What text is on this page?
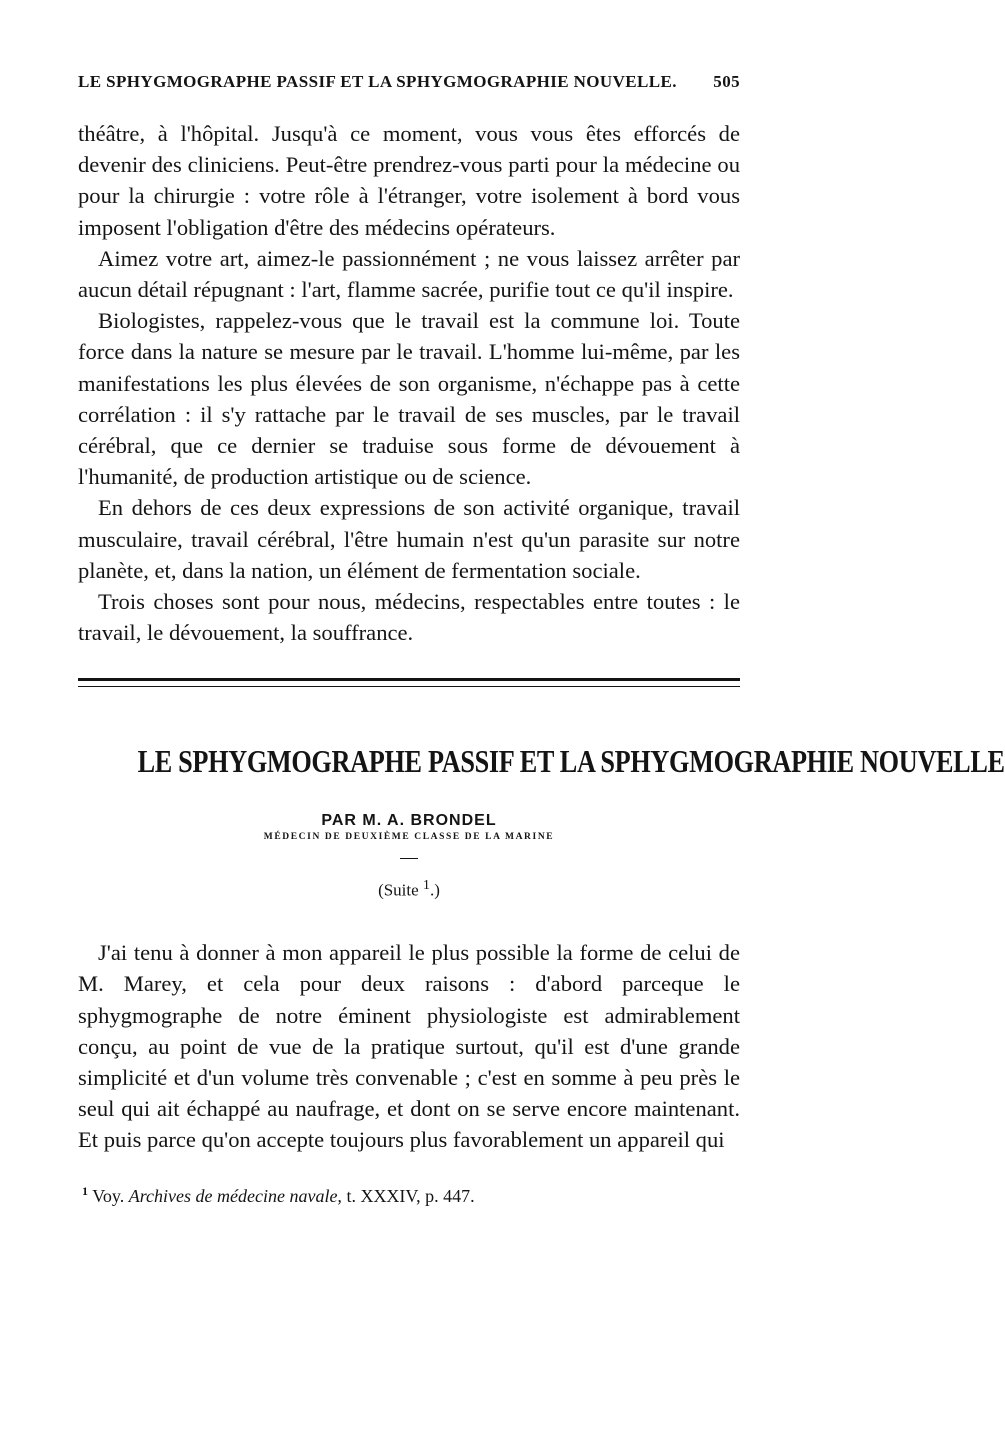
LE SPHYGMOGRAPHE PASSIF ET LA SPHYGMOGRAPHIE NOUVELLE. 505

théâtre, à l'hôpital. Jusqu'à ce moment, vous vous êtes efforcés de devenir des cliniciens. Peut-être prendrez-vous parti pour la médecine ou pour la chirurgie : votre rôle à l'étranger, votre isolement à bord vous imposent l'obligation d'être des médecins opérateurs.

Aimez votre art, aimez-le passionnément ; ne vous laissez arrêter par aucun détail répugnant : l'art, flamme sacrée, purifie tout ce qu'il inspire.

Biologistes, rappelez-vous que le travail est la commune loi. Toute force dans la nature se mesure par le travail. L'homme lui-même, par les manifestations les plus élevées de son organisme, n'échappe pas à cette corrélation : il s'y rattache par le travail de ses muscles, par le travail cérébral, que ce dernier se traduise sous forme de dévouement à l'humanité, de production artistique ou de science.

En dehors de ces deux expressions de son activité organique, travail musculaire, travail cérébral, l'être humain n'est qu'un parasite sur notre planète, et, dans la nation, un élément de fermentation sociale.

Trois choses sont pour nous, médecins, respectables entre toutes : le travail, le dévouement, la souffrance.

LE SPHYGMOGRAPHE PASSIF ET LA SPHYGMOGRAPHIE NOUVELLE

PAR M. A. BRONDEL

MÉDECIN DE DEUXIÈME CLASSE DE LA MARINE

(Suite $^1$.)

J'ai tenu à donner à mon appareil le plus possible la forme de celui de M. Marey, et cela pour deux raisons : d'abord parceque le sphygmographe de notre éminent physiologiste est admirablement conçu, au point de vue de la pratique surtout, qu'il est d'une grande simplicité et d'un volume très convenable ; c'est en somme à peu près le seul qui ait échappé au naufrage, et dont on se serve encore maintenant. Et puis parce qu'on accepte toujours plus favorablement un appareil qui

$^1$ Voy. Archives de médecine navale, t. XXXIV, p. 447.
